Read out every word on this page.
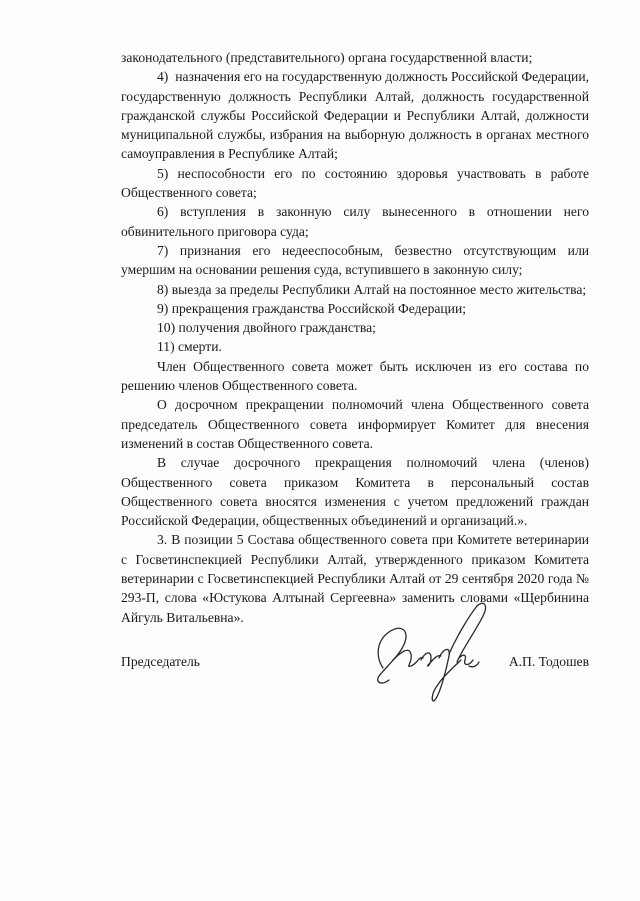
законодательного (представительного) органа государственной власти;

4)  назначения его на государственную должность Российской Федерации, государственную должность Республики Алтай, должность государственной гражданской службы Российской Федерации и Республики Алтай, должности муниципальной службы, избрания на выборную должность в органах местного самоуправления в Республике Алтай;

5) неспособности его по состоянию здоровья участвовать в работе Общественного совета;

6) вступления в законную силу вынесенного в отношении него обвинительного приговора суда;

7) признания его недееспособным, безвестно отсутствующим или умершим на основании решения суда, вступившего в законную силу;

8) выезда за пределы Республики Алтай на постоянное место жительства;

9) прекращения гражданства Российской Федерации;

10) получения двойного гражданства;

11) смерти.

Член Общественного совета может быть исключен из его состава по решению членов Общественного совета.

О досрочном прекращении полномочий члена Общественного совета председатель Общественного совета информирует Комитет для внесения изменений в состав Общественного совета.

В случае досрочного прекращения полномочий члена (членов) Общественного совета приказом Комитета в персональный состав Общественного совета вносятся изменения с учетом предложений граждан Российской Федерации, общественных объединений и организаций.».

3. В позиции 5 Состава общественного совета при Комитете ветеринарии с Госветинспекцией Республики Алтай, утвержденного приказом Комитета ветеринарии с Госветинспекцией Республики Алтай от 29 сентября 2020 года № 293-П, слова «Юстукова Алтынай Сергеевна» заменить словами «Щербинина Айгуль Витальевна».

Председатель	А.П. Тодошев
